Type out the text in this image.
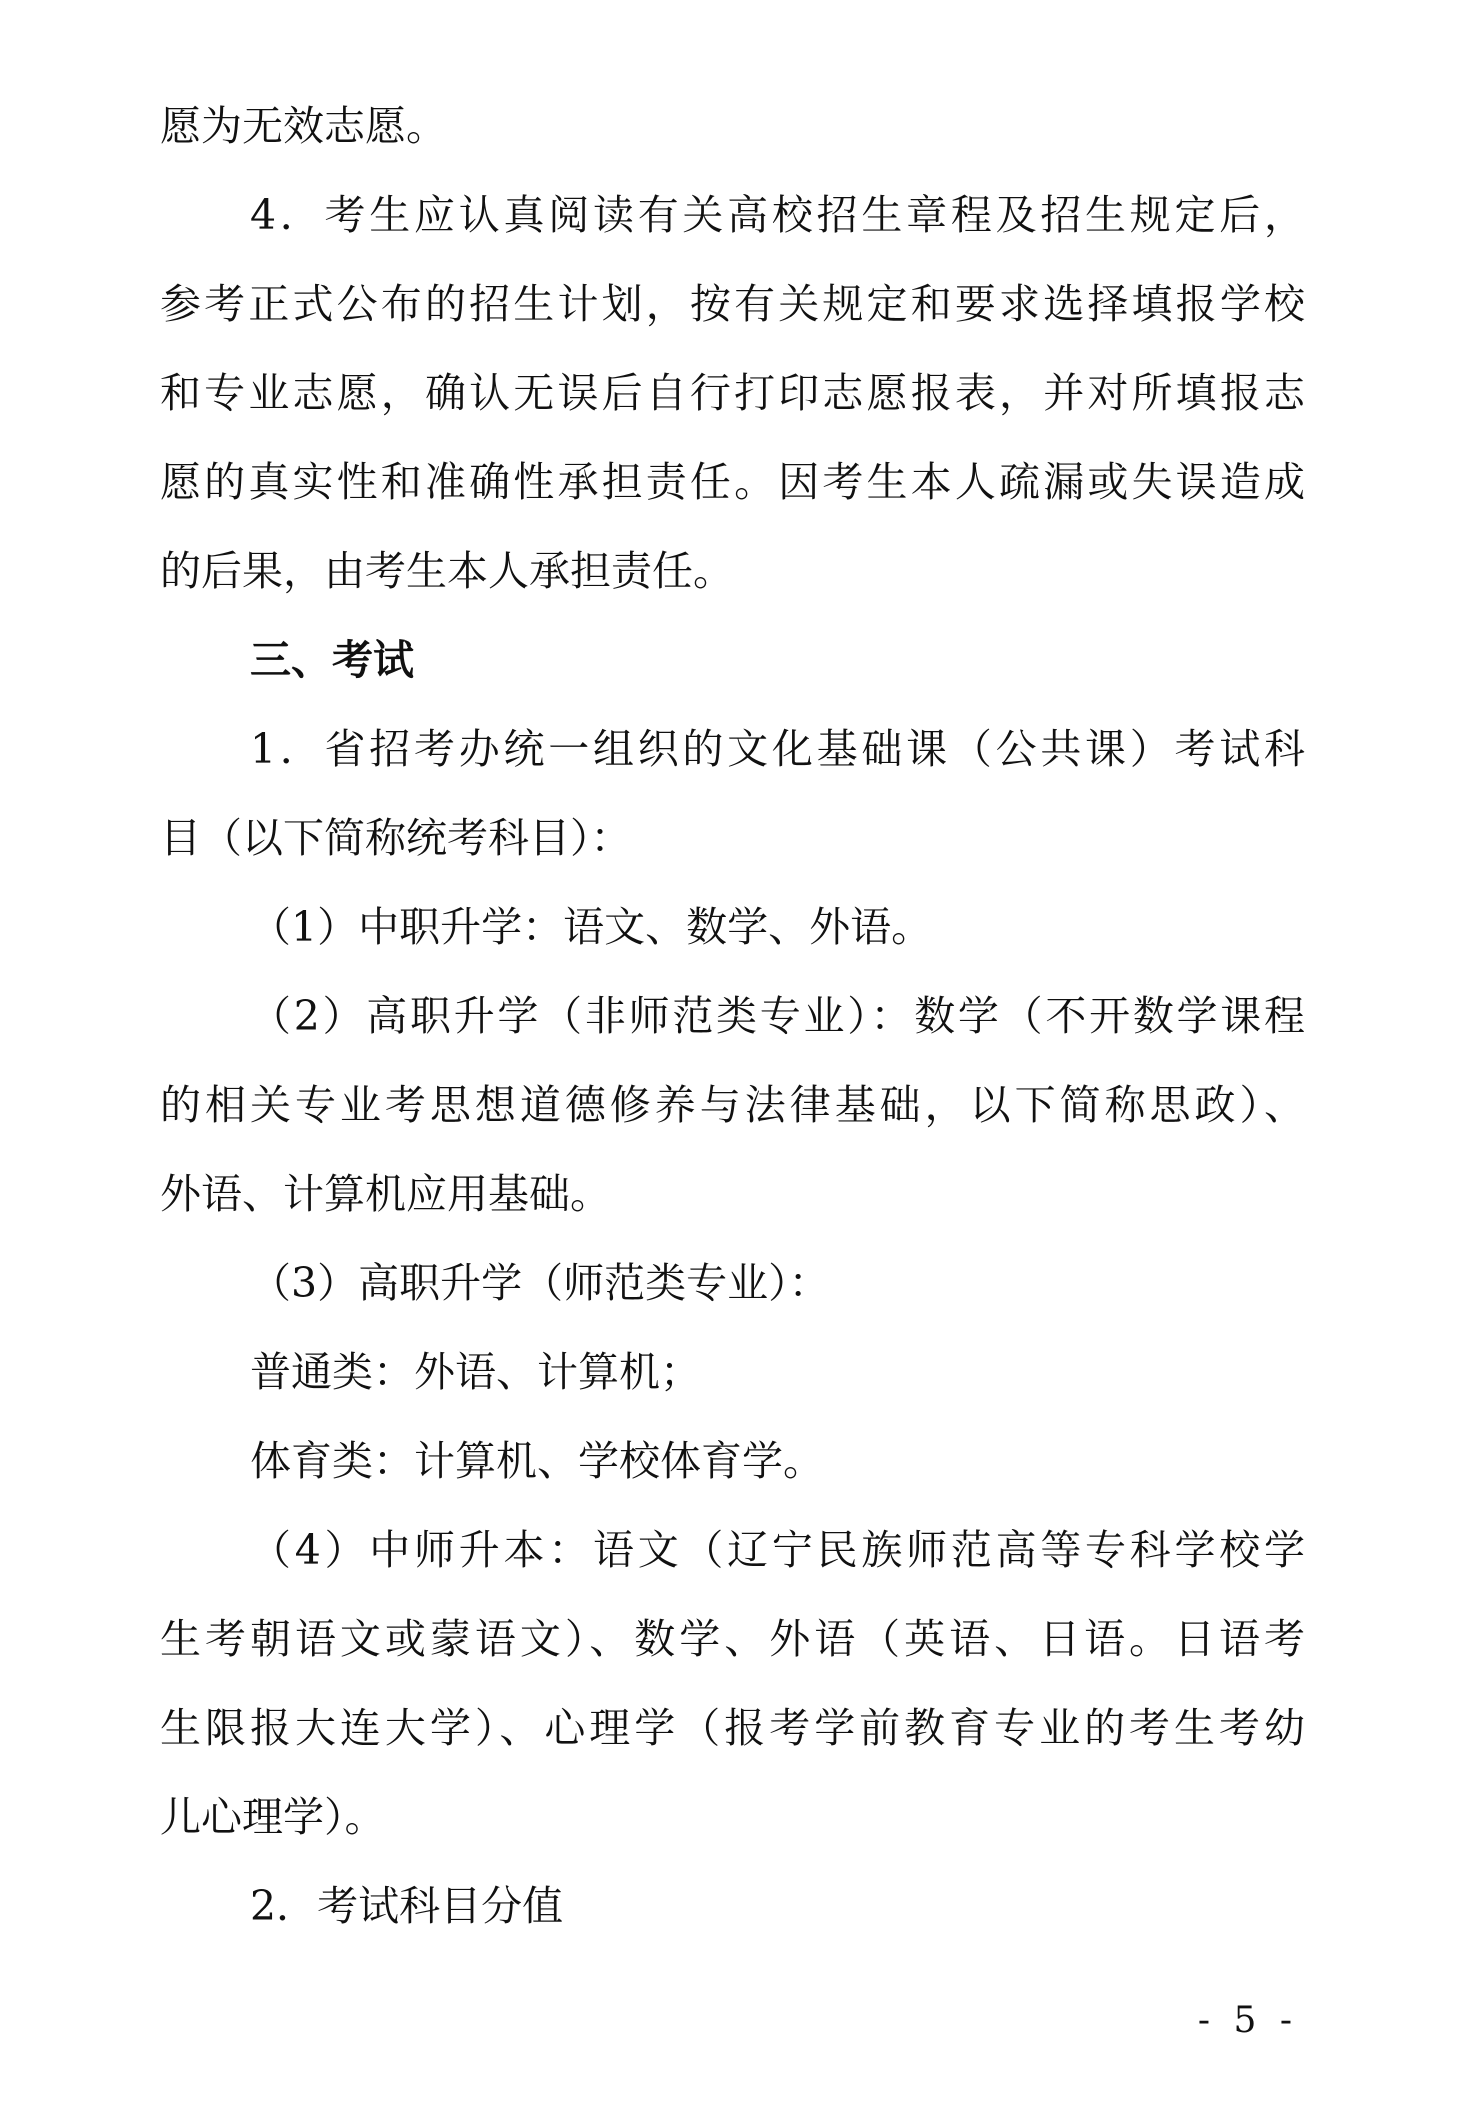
愿为无效志愿。
4．考生应认真阅读有关高校招生章程及招生规定后，
参考正式公布的招生计划，按有关规定和要求选择填报学校
和专业志愿，确认无误后自行打印志愿报表，并对所填报志
愿的真实性和准确性承担责任。因考生本人疏漏或失误造成
的后果，由考生本人承担责任。
三、考试
1．省招考办统一组织的文化基础课（公共课）考试科
目（以下简称统考科目）：
（1）中职升学：语文、数学、外语。
（2）高职升学（非师范类专业）：数学（不开数学课程
的相关专业考思想道德修养与法律基础，以下简称思政）、
外语、计算机应用基础。
（3）高职升学（师范类专业）：
普通类：外语、计算机；
体育类：计算机、学校体育学。
（4）中师升本：语文（辽宁民族师范高等专科学校学
生考朝语文或蒙语文）、数学、外语（英语、日语。日语考
生限报大连大学）、心理学（报考学前教育专业的考生考幼
儿心理学）。
2．考试科目分值
- 5 -
